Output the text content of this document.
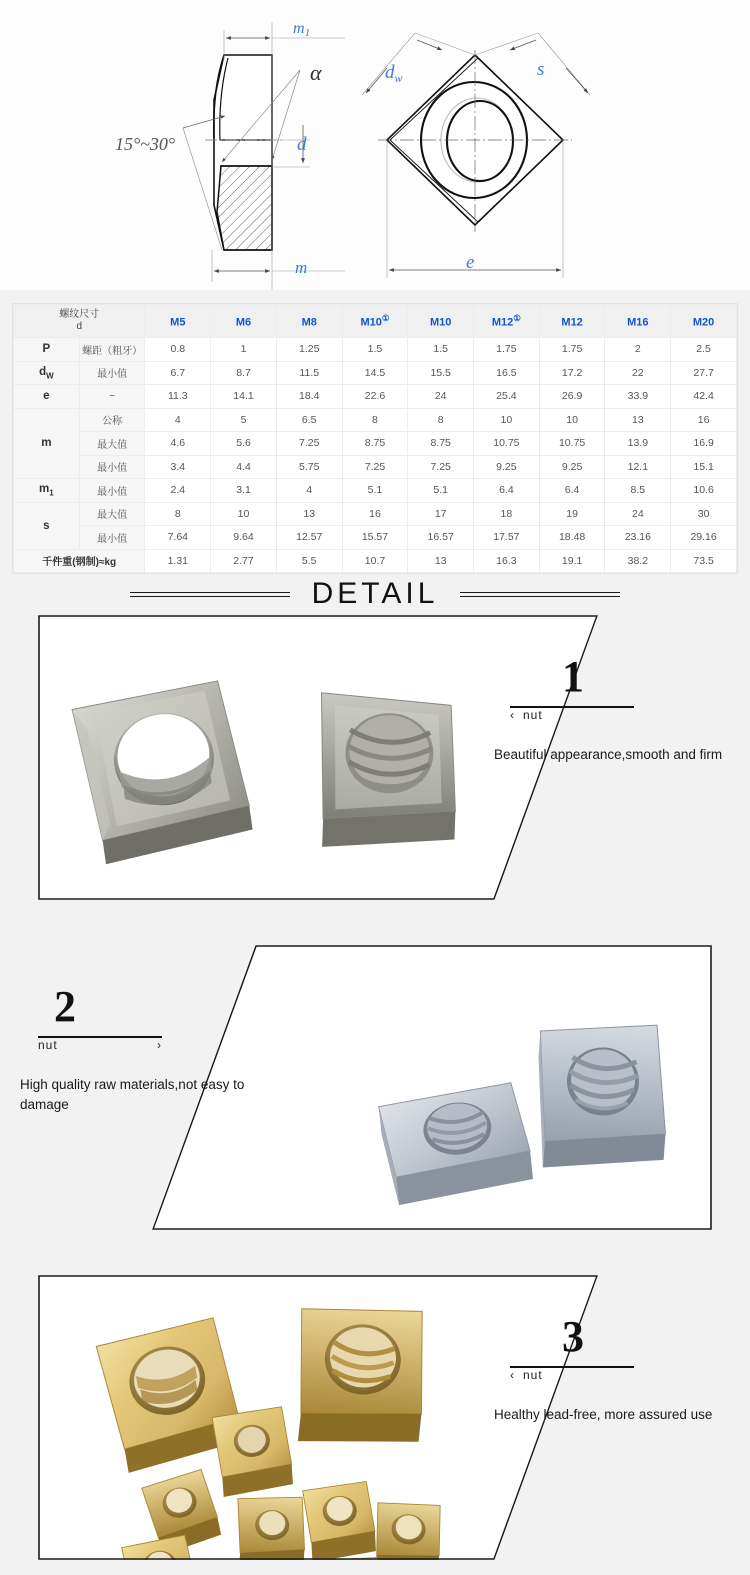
15°~30°
α
m1
d
m
$d_w$	s
e
螺纹尺寸
d		M5	M6	M8	M10①	M10	M12①	M12	M16	M20
P	螺距（粗牙）	0.8	1	1.25	1.5	1.5	1.75	1.75	2	2.5
$d_W$	最小值	6.7	8.7	11.5	14.5	15.5	16.5	17.2	22	27.7
e	~	11.3	14.1	18.4	22.6	24	25.4	26.9	33.9	42.4
m	公称	4	5	6.5	8	8	10	10	13	16
	最大值	4.6	5.6	7.25	8.75	8.75	10.75	10.75	13.9	16.9
	最小值	3.4	4.4	5.75	7.25	7.25	9.25	9.25	12.1	15.1
$m_1$	最小值	2.4	3.1	4	5.1	5.1	6.4	6.4	8.5	10.6
s	最大值	8	10	13	16	17	18	19	24	30
	最小值	7.64	9.64	12.57	15.57	16.57	17.57	18.48	23.16	29.16
千件重(钢制)≈kg		1.31	2.77	5.5	10.7	13	16.3	19.1	38.2	73.5
DETAIL
1
‹ nut
Beautiful appearance,smooth and firm
2
nut	›
High quality raw materials,not easy to damage
3
‹ nut
Healthy lead-free, more assured use
